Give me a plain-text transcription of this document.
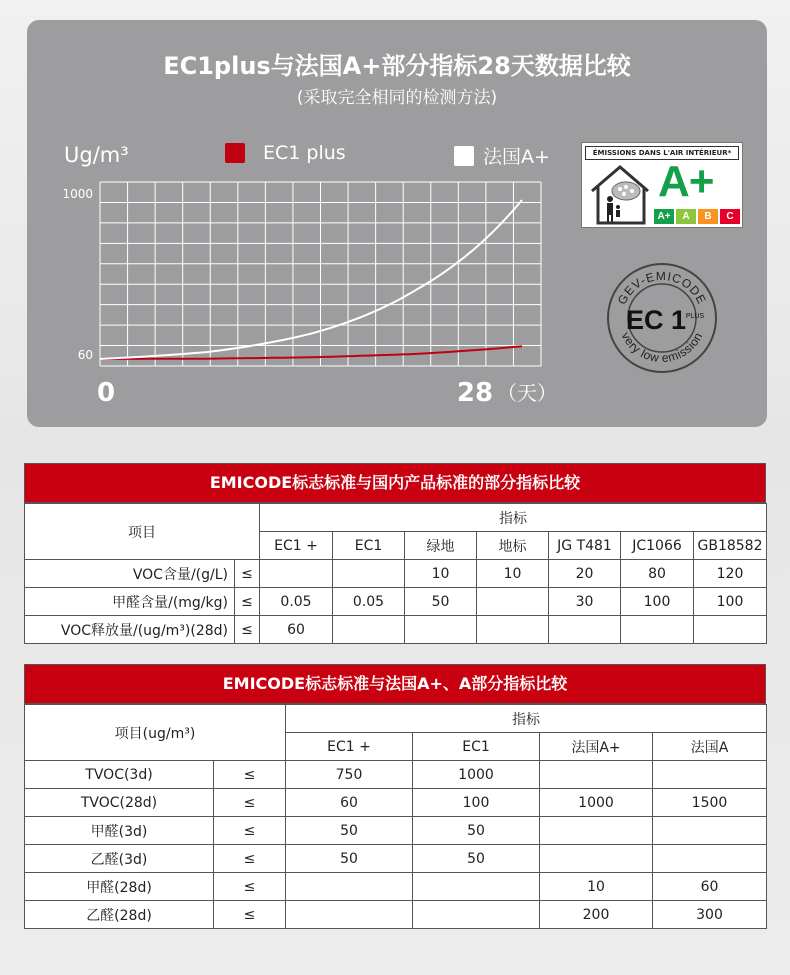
EC1plus与法国A+部分指标28天数据比较
(采取完全相同的检测方法)
Ug/m³	EC1 plus	法国A+
1000
60
0	28 （天）
ÉMISSIONS DANS L'AIR INTÉRIEUR*
A+
A+	A	B	C
GEV-EMICODE
very low emission
EC 1 PLUS
EMICODE标志标准与国内产品标准的部分指标比较
项目		指标						
		EC1 +	EC1	绿地	地标	JG T481	JC1066	GB18582
VOC含量/(g/L)	≤			10	10	20	80	120
甲醛含量/(mg/kg)	≤	0.05	0.05	50		30	100	100
VOC释放量/(ug/m³)(28d)	≤	60						
EMICODE标志标准与法国A+、A部分指标比较
项目(ug/m³)		指标			
		EC1 +	EC1	法国A+	法国A
TVOC(3d)	≤	750	1000		
TVOC(28d)	≤	60	100	1000	1500
甲醛(3d)	≤	50	50		
乙醛(3d)	≤	50	50		
甲醛(28d)	≤			10	60
乙醛(28d)	≤			200	300
